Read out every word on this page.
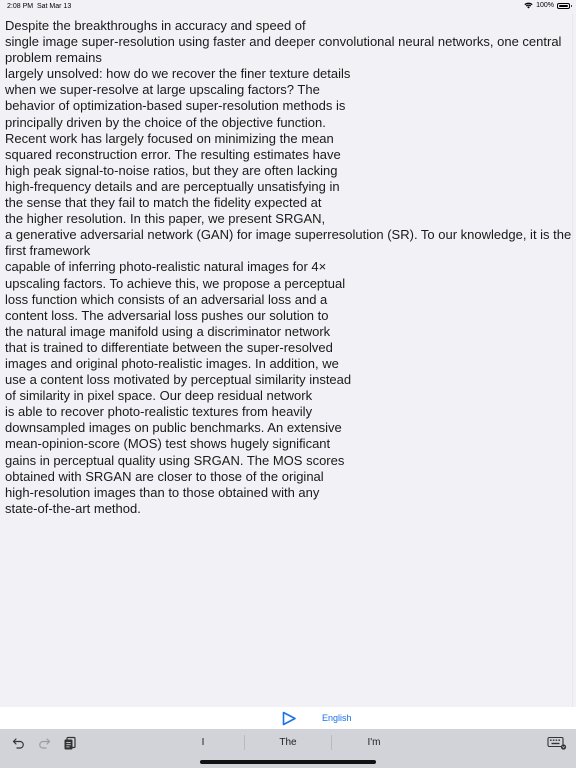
2:08 PM Sat Mar 13	100%

Despite the breakthroughs in accuracy and speed of
single image super-resolution using faster and deeper convolutional neural networks, one central problem remains
largely unsolved: how do we recover the finer texture details
when we super-resolve at large upscaling factors? The
behavior of optimization-based super-resolution methods is
principally driven by the choice of the objective function.
Recent work has largely focused on minimizing the mean
squared reconstruction error. The resulting estimates have
high peak signal-to-noise ratios, but they are often lacking
high-frequency details and are perceptually unsatisfying in
the sense that they fail to match the fidelity expected at
the higher resolution. In this paper, we present SRGAN,
a generative adversarial network (GAN) for image superresolution (SR). To our knowledge, it is the first framework
capable of inferring photo-realistic natural images for 4×
upscaling factors. To achieve this, we propose a perceptual
loss function which consists of an adversarial loss and a
content loss. The adversarial loss pushes our solution to
the natural image manifold using a discriminator network
that is trained to differentiate between the super-resolved
images and original photo-realistic images. In addition, we
use a content loss motivated by perceptual similarity instead
of similarity in pixel space. Our deep residual network
is able to recover photo-realistic textures from heavily
downsampled images on public benchmarks. An extensive
mean-opinion-score (MOS) test shows hugely significant
gains in perceptual quality using SRGAN. The MOS scores
obtained with SRGAN are closer to those of the original
high-resolution images than to those obtained with any
state-of-the-art method.

English
I	The	I'm
